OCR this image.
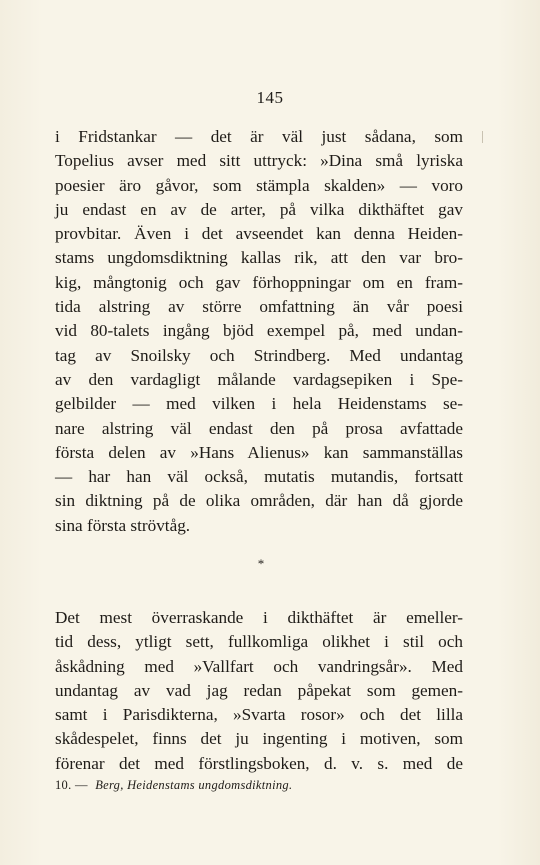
145
i Fridstankar — det är väl just sådana, som
Topelius avser med sitt uttryck: »Dina små lyriska
poesier äro gåvor, som stämpla skalden» — voro
ju endast en av de arter, på vilka dikthäftet gav
provbitar. Även i det avseendet kan denna Heiden-
stams ungdomsdiktning kallas rik, att den var bro-
kig, mångtonig och gav förhoppningar om en fram-
tida alstring av större omfattning än vår poesi
vid 80-talets ingång bjöd exempel på, med undan-
tag av Snoilsky och Strindberg. Med undantag
av den vardagligt målande vardagsepiken i Spe-
gelbilder — med vilken i hela Heidenstams se-
nare alstring väl endast den på prosa avfattade
första delen av »Hans Alienus» kan sammanställas
— har han väl också, mutatis mutandis, fortsatt
sin diktning på de olika områden, där han då gjorde
sina första strövtåg.
*
Det mest överraskande i dikthäftet är emeller-
tid dess, ytligt sett, fullkomliga olikhet i stil och
åskådning med »Vallfart och vandringsår». Med
undantag av vad jag redan påpekat som gemen-
samt i Parisdikterna, »Svarta rosor» och det lilla
skådespelet, finns det ju ingenting i motiven, som
förenar det med förstlingsboken, d. v. s. med de
10. — Berg, Heidenstams ungdomsdiktning.
